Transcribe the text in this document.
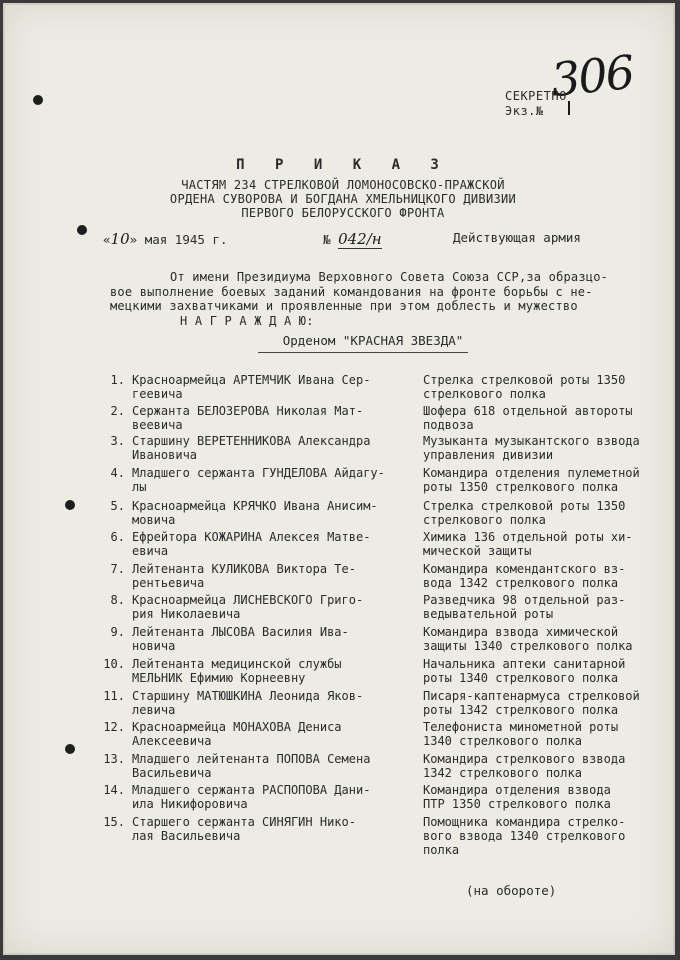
306
СЕКРЕТНО
Экз.№
П Р И К А З
ЧАСТЯМ 234 СТРЕЛКОВОЙ ЛОМОНОСОВСКО-ПРАЖСКОЙ
ОРДЕНА СУВОРОВА И БОГДАНА ХМЕЛЬНИЦКОГО ДИВИЗИИ
ПЕРВОГО БЕЛОРУССКОГО ФРОНТА
«10» мая 1945 г.	№ 042/н	Действующая армия
От имени Президиума Верховного Совета Союза ССР,за образцо-
вое выполнение боевых заданий командования на фронте борьбы с не-
мецкими захватчиками и проявленные при этом доблесть и мужество
Н А Г Р А Ж Д А Ю:
Орденом "КРАСНАЯ ЗВЕЗДА"
1. Красноармейца АРТЕМЧИК Ивана Сер-
геевича
Стрелка стрелковой роты 1350
стрелкового полка
2. Сержанта БЕЛОЗЕРОВА Николая Мат-
веевича
Шофера 618 отдельной автороты
подвоза
3. Старшину ВЕРЕТЕННИКОВА Александра
Ивановича
Музыканта музыкантского взвода
управления дивизии
4. Младшего сержанта ГУНДЕЛОВА Айдагу-
лы
Командира отделения пулеметной
роты 1350 стрелкового полка
5. Красноармейца КРЯЧКО Ивана Анисим-
мовича
Стрелка стрелковой роты 1350
стрелкового полка
6. Ефрейтора КОЖАРИНА Алексея Матве-
евича
Химика 136 отдельной роты хи-
мической защиты
7. Лейтенанта КУЛИКОВА Виктора Те-
рентьевича
Командира комендантского вз-
вода 1342 стрелкового полка
8. Красноармейца ЛИСНЕВСКОГО Григо-
рия Николаевича
Разведчика 98 отдельной раз-
ведывательной роты
9. Лейтенанта ЛЫСОВА Василия Ива-
новича
Командира взвода химической
защиты 1340 стрелкового полка
10. Лейтенанта медицинской службы
МЕЛЬНИК Ефимию Корнеевну
Начальника аптеки санитарной
роты 1340 стрелкового полка
11. Старшину МАТЮШКИНА Леонида Яков-
левича
Писаря-каптенармуса стрелковой
роты 1342 стрелкового полка
12. Красноармейца МОНАХОВА Дениса
Алексеевича
Телефониста минометной роты
1340 стрелкового полка
13. Младшего лейтенанта ПОПОВА Семена
Васильевича
Командира стрелкового взвода
1342 стрелкового полка
14. Младшего сержанта РАСПОПОВА Дани-
ила Никифоровича
Командира отделения взвода
ПТР 1350 стрелкового полка
15. Старшего сержанта СИНЯГИН Нико-
лая Васильевича
Помощника командира стрелко-
вого взвода 1340 стрелкового
полка
(на обороте)
